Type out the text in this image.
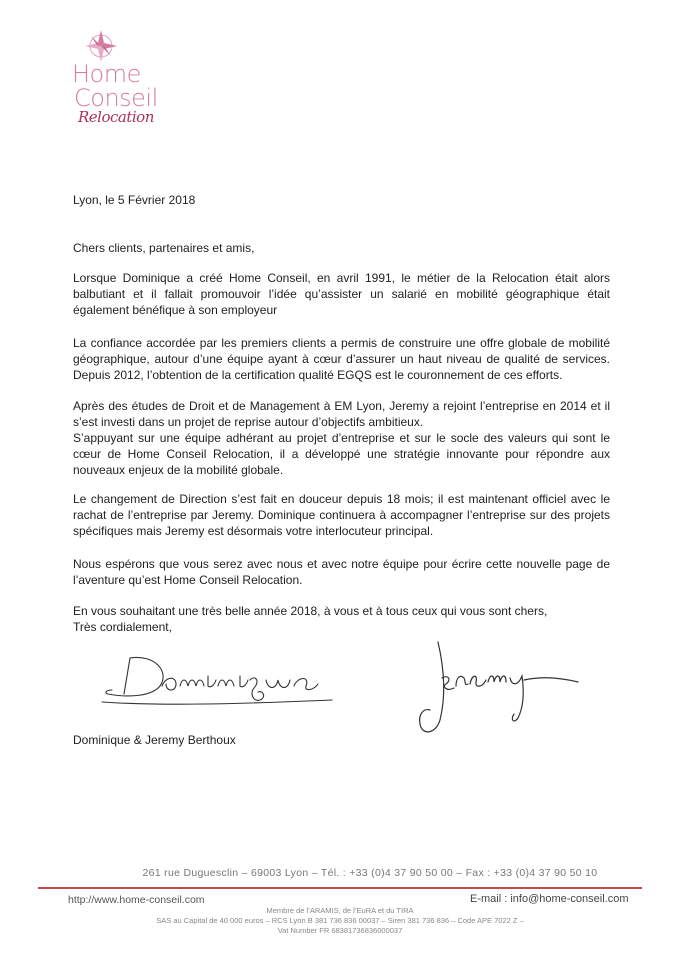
Home
Conseil
Relocation
Lyon, le 5 Février 2018
Chers clients, partenaires et amis,

Lorsque Dominique a créé Home Conseil, en avril 1991, le métier de la Relocation était alors balbutiant et il fallait promouvoir l’idée qu’assister un salarié en mobilité géographique était également bénéfique à son employeur

La confiance accordée par les premiers clients a permis de construire une offre globale de mobilité géographique, autour d’une équipe ayant à cœur d’assurer un haut niveau de qualité de services. Depuis 2012, l’obtention de la certification qualité EGQS est le couronnement de ces efforts.

Après des études de Droit et de Management à EM Lyon, Jeremy a rejoint l’entreprise en 2014 et il s’est investi dans un projet de reprise autour d’objectifs ambitieux.

S’appuyant sur une équipe adhérant au projet d’entreprise et sur le socle des valeurs qui sont le cœur de Home Conseil Relocation, il a développé une stratégie innovante pour répondre aux nouveaux enjeux de la mobilité globale.

Le changement de Direction s’est fait en douceur depuis 18 mois; il est maintenant officiel avec le rachat de l’entreprise par Jeremy. Dominique continuera à accompagner l’entreprise sur des projets spécifiques mais Jeremy est désormais votre interlocuteur principal.

Nous espérons que vous serez avec nous et avec notre équipe pour écrire cette nouvelle page de l’aventure qu’est Home Conseil Relocation.

En vous souhaitant une très belle année 2018, à vous et à tous ceux qui vous sont chers,
Très cordialement,
Dominique & Jeremy Berthoux
261 rue Duguesclin – 69003 Lyon – Tél. : +33 (0)4 37 90 50 00 – Fax : +33 (0)4 37 90 50 10
http://www.home-conseil.com	E-mail : info@home-conseil.com
Membre de l’ARAMIS, de l’EuRA et du TIRA
SAS au Capital de 40 000 euros – RCS Lyon B 381 736 836 00037 – Siren 381 736 836 – Code APE 7022 Z –
Vat Number FR 68381736836000037
